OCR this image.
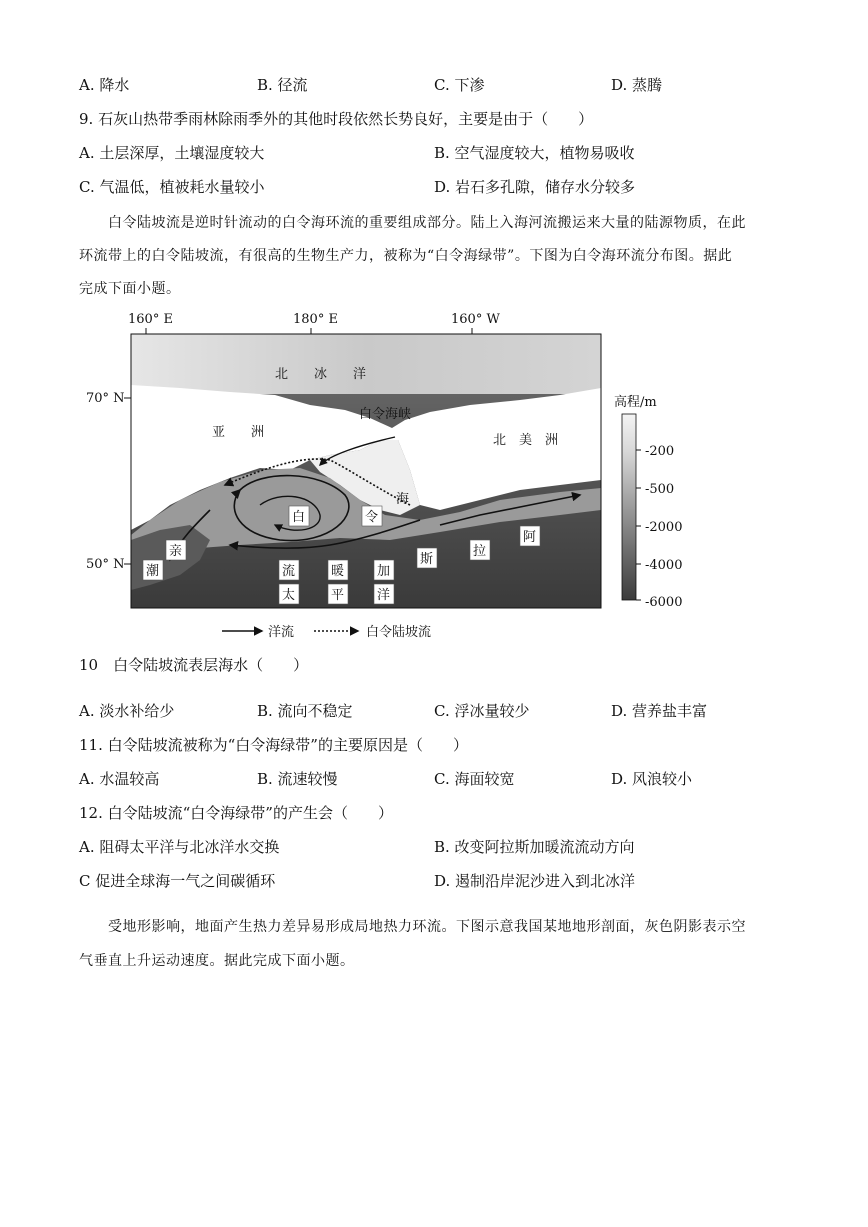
A. 降水	B. 径流	C. 下渗	D. 蒸腾
9. 石灰山热带季雨林除雨季外的其他时段依然长势良好，主要是由于（　　）
A. 土层深厚，土壤湿度较大	B. 空气湿度较大，植物易吸收
C. 气温低，植被耗水量较小	D. 岩石多孔隙，储存水分较多
白令陆坡流是逆时针流动的白令海环流的重要组成部分。陆上入海河流搬运来大量的陆源物质，在此
环流带上的白令陆坡流，有很高的生物生产力，被称为“白令海绿带”。下图为白令海环流分布图。据此
完成下面小题。
160° E	180° E	160° W
70° N
50° N
北　　冰　　洋
亚　　洲
北　美　洲
白令海峡
海
白	令
亲
潮	流
太
暖
平
加
洋
斯
拉
阿
高程/m
-200
-500
-2000
-4000
-6000
洋流	白令陆坡流
10　白令陆坡流表层海水（　　）
A. 淡水补给少	B. 流向不稳定	C. 浮冰量较少	D. 营养盐丰富
11. 白令陆坡流被称为“白令海绿带”的主要原因是（　　）
A. 水温较高	B. 流速较慢	C. 海面较宽	D. 风浪较小
12. 白令陆坡流“白令海绿带”的产生会（　　）
A. 阻碍太平洋与北冰洋水交换	B. 改变阿拉斯加暖流流动方向
C 促进全球海一气之间碳循环	D. 遏制沿岸泥沙进入到北冰洋
受地形影响，地面产生热力差异易形成局地热力环流。下图示意我国某地地形剖面，灰色阴影表示空
气垂直上升运动速度。据此完成下面小题。
